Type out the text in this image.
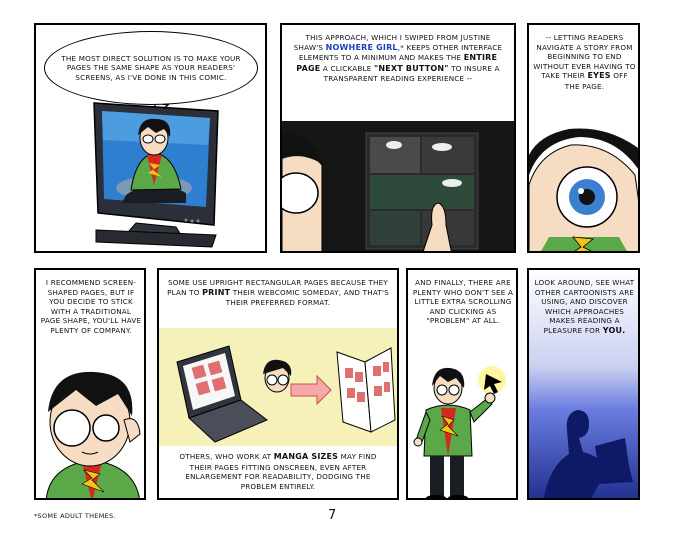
THE MOST DIRECT SOLUTION IS TO MAKE YOUR PAGES THE SAME SHAPE AS YOUR READERS' SCREENS, AS I'VE DONE IN THIS COMIC.
THIS APPROACH, WHICH I SWIPED FROM JUSTINE SHAW'S NOWHERE GIRL,* KEEPS OTHER INTERFACE ELEMENTS TO A MINIMUM AND MAKES THE ENTIRE PAGE A CLICKABLE "NEXT BUTTON" TO INSURE A TRANSPARENT READING EXPERIENCE --
-- LETTING READERS NAVIGATE A STORY FROM BEGINNING TO END WITHOUT EVER HAVING TO TAKE THEIR EYES OFF THE PAGE.
I RECOMMEND SCREEN-SHAPED PAGES, BUT IF YOU DECIDE TO STICK WITH A TRADITIONAL PAGE SHAPE, YOU'LL HAVE PLENTY OF COMPANY.
SOME USE UPRIGHT RECTANGULAR PAGES BECAUSE THEY PLAN TO PRINT THEIR WEBCOMIC SOMEDAY, AND THAT'S THEIR PREFERRED FORMAT.
OTHERS, WHO WORK AT MANGA SIZES MAY FIND THEIR PAGES FITTING ONSCREEN, EVEN AFTER ENLARGEMENT FOR READABILITY, DODGING THE PROBLEM ENTIRELY.
AND FINALLY, THERE ARE PLENTY WHO DON'T SEE A LITTLE EXTRA SCROLLING AND CLICKING AS "PROBLEM" AT ALL.
LOOK AROUND, SEE WHAT OTHER CARTOONISTS ARE USING, AND DISCOVER WHICH APPROACHES MAKES READING A PLEASURE FOR YOU.
*SOME ADULT THEMES.	7
